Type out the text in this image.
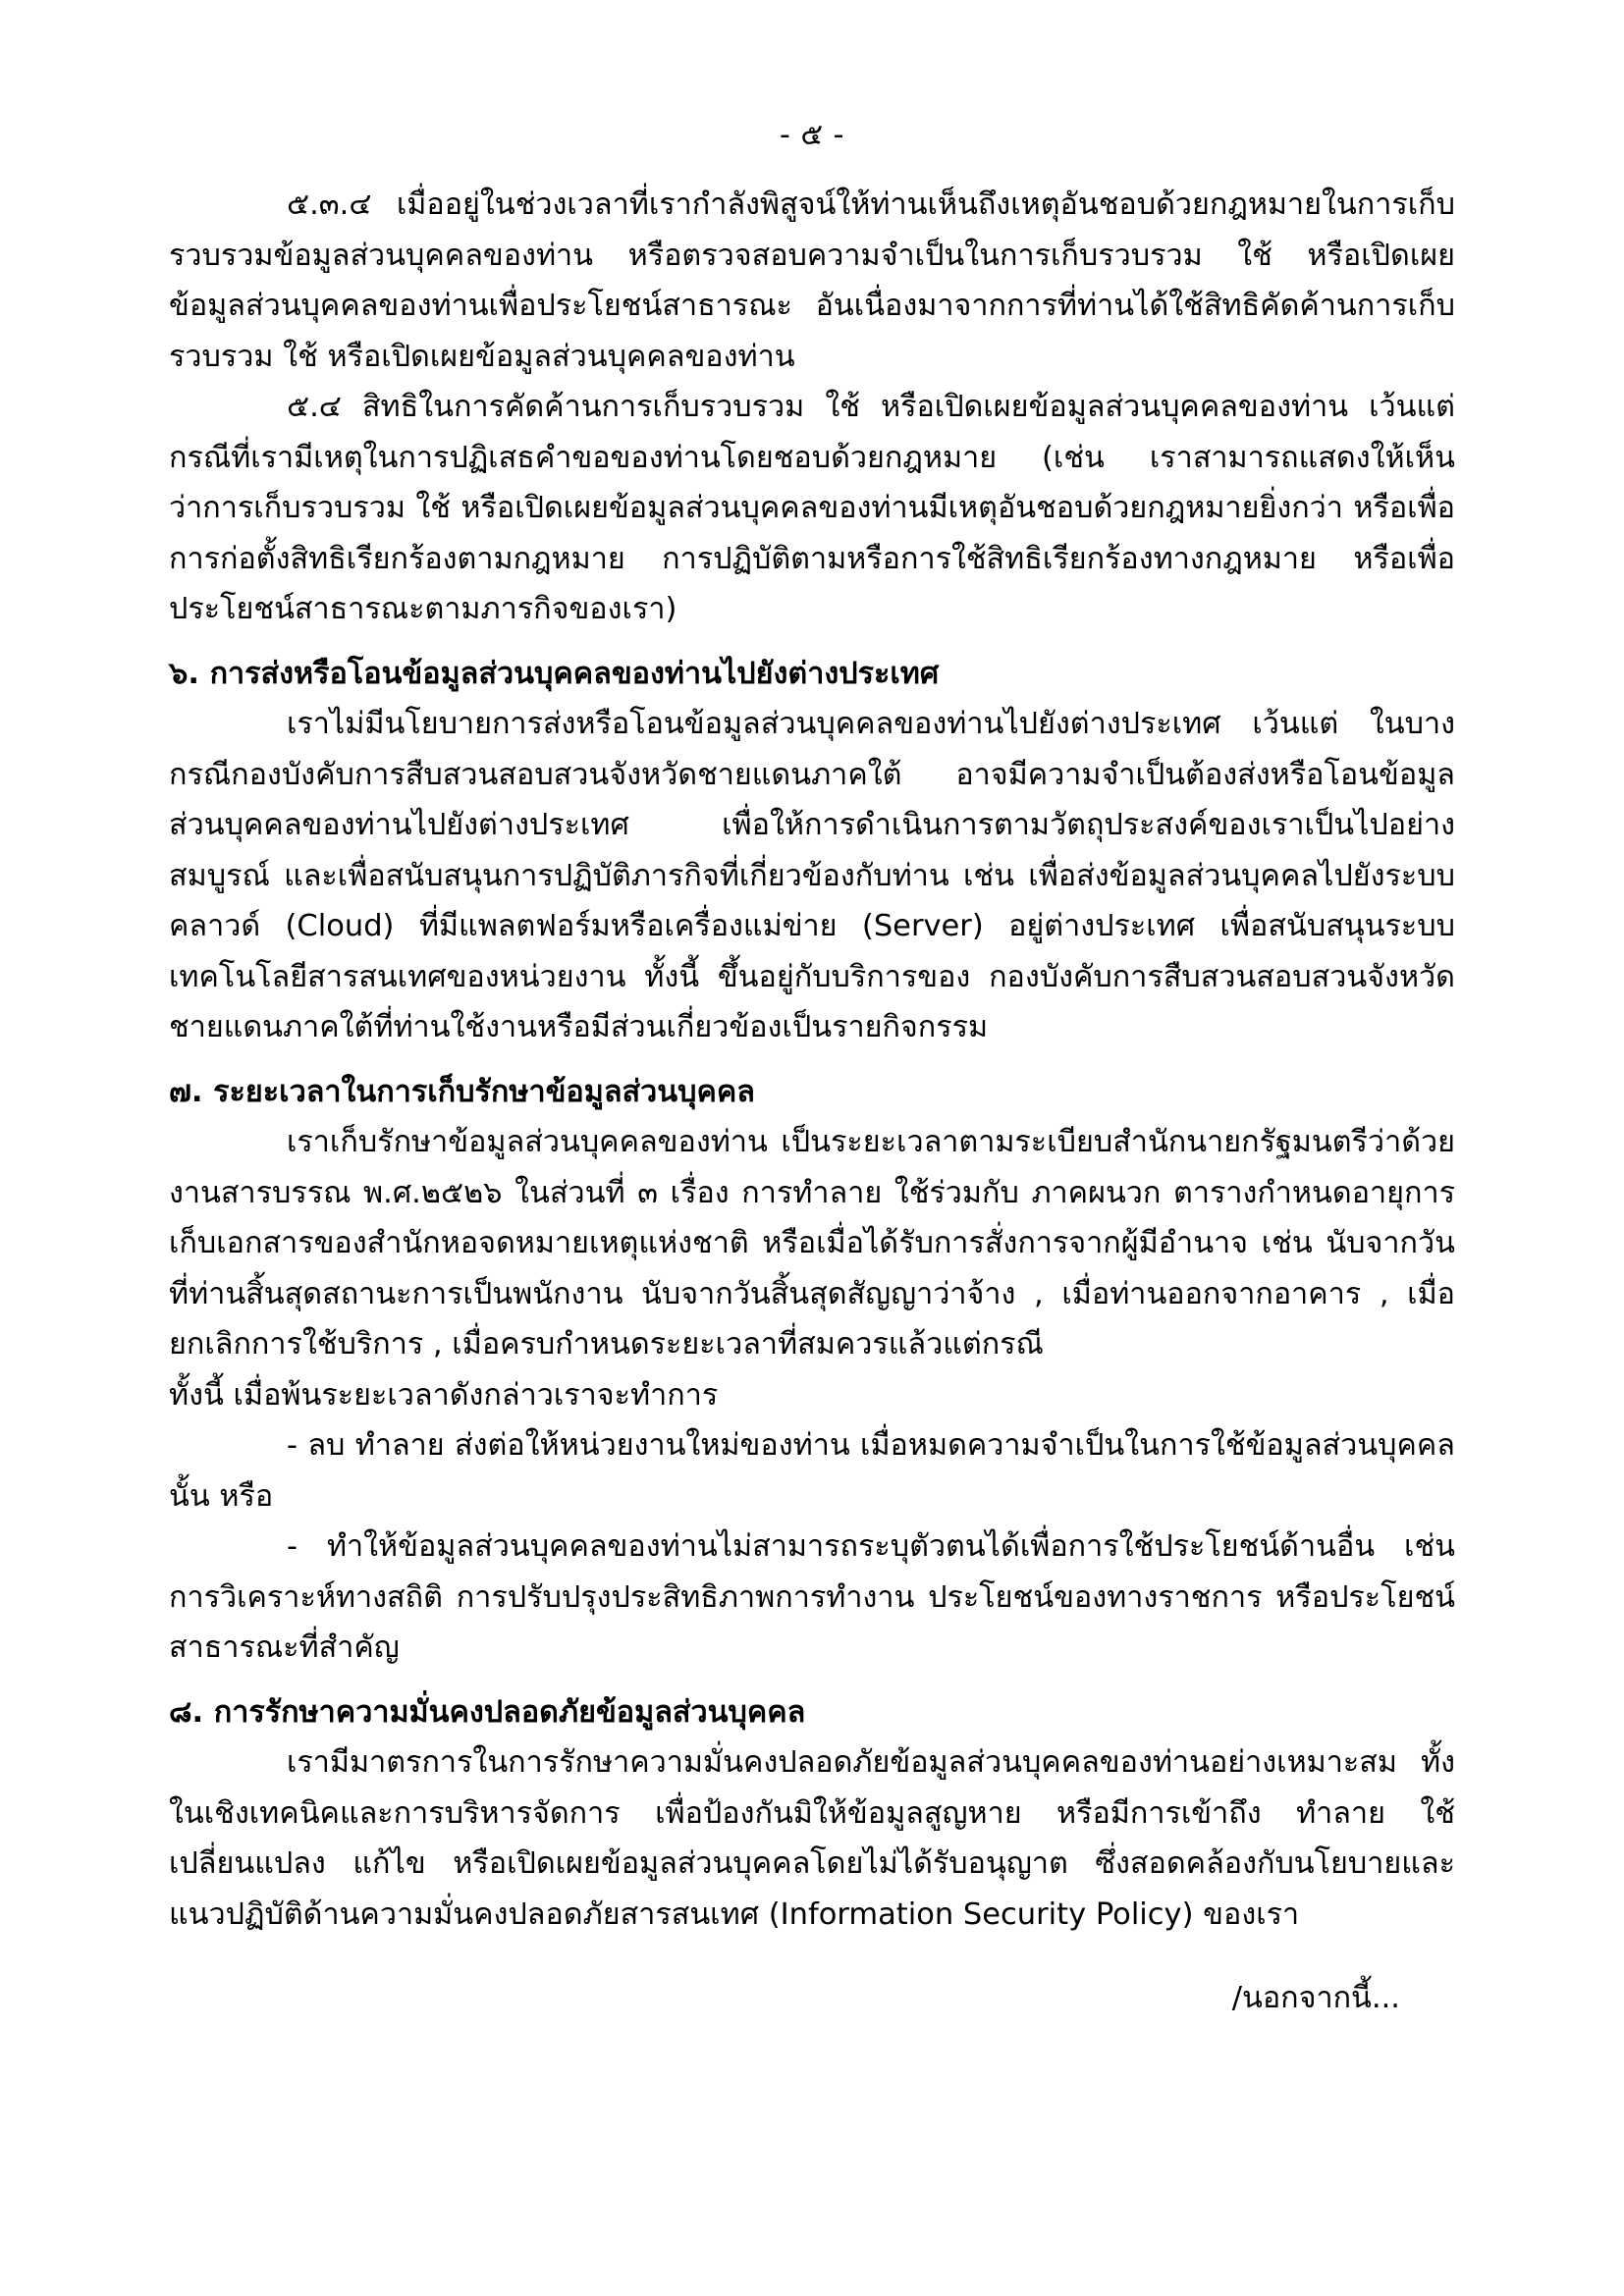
- ๕ -

๕.๓.๔ เมื่ออยู่ในช่วงเวลาที่เรากำลังพิสูจน์ให้ท่านเห็นถึงเหตุอันชอบด้วยกฎหมายในการเก็บรวบรวมข้อมูลส่วนบุคคลของท่าน หรือตรวจสอบความจำเป็นในการเก็บรวบรวม ใช้ หรือเปิดเผยข้อมูลส่วนบุคคลของท่านเพื่อประโยชน์สาธารณะ อันเนื่องมาจากการที่ท่านได้ใช้สิทธิคัดค้านการเก็บรวบรวม ใช้ หรือเปิดเผยข้อมูลส่วนบุคคลของท่าน

๕.๔ สิทธิในการคัดค้านการเก็บรวบรวม ใช้ หรือเปิดเผยข้อมูลส่วนบุคคลของท่าน เว้นแต่กรณีที่เรามีเหตุในการปฏิเสธคำขอของท่านโดยชอบด้วยกฎหมาย (เช่น เราสามารถแสดงให้เห็นว่าการเก็บรวบรวม ใช้ หรือเปิดเผยข้อมูลส่วนบุคคลของท่านมีเหตุอันชอบด้วยกฎหมายยิ่งกว่า หรือเพื่อการก่อตั้งสิทธิเรียกร้องตามกฎหมาย การปฏิบัติตามหรือการใช้สิทธิเรียกร้องทางกฎหมาย หรือเพื่อประโยชน์สาธารณะตามภารกิจของเรา)

๖. การส่งหรือโอนข้อมูลส่วนบุคคลของท่านไปยังต่างประเทศ

เราไม่มีนโยบายการส่งหรือโอนข้อมูลส่วนบุคคลของท่านไปยังต่างประเทศ เว้นแต่ ในบางกรณีกองบังคับการสืบสวนสอบสวนจังหวัดชายแดนภาคใต้ อาจมีความจำเป็นต้องส่งหรือโอนข้อมูลส่วนบุคคลของท่านไปยังต่างประเทศ เพื่อให้การดำเนินการตามวัตถุประสงค์ของเราเป็นไปอย่างสมบูรณ์ และเพื่อสนับสนุนการปฏิบัติภารกิจที่เกี่ยวข้องกับท่าน เช่น เพื่อส่งข้อมูลส่วนบุคคลไปยังระบบคลาวด์ (Cloud) ที่มีแพลตฟอร์มหรือเครื่องแม่ข่าย (Server) อยู่ต่างประเทศ เพื่อสนับสนุนระบบเทคโนโลยีสารสนเทศของหน่วยงาน ทั้งนี้ ขึ้นอยู่กับบริการของ กองบังคับการสืบสวนสอบสวนจังหวัดชายแดนภาคใต้ที่ท่านใช้งานหรือมีส่วนเกี่ยวข้องเป็นรายกิจกรรม

๗. ระยะเวลาในการเก็บรักษาข้อมูลส่วนบุคคล

เราเก็บรักษาข้อมูลส่วนบุคคลของท่าน เป็นระยะเวลาตามระเบียบสำนักนายกรัฐมนตรีว่าด้วยงานสารบรรณ พ.ศ.๒๕๒๖ ในส่วนที่ ๓ เรื่อง การทำลาย ใช้ร่วมกับ ภาคผนวก ตารางกำหนดอายุการเก็บเอกสารของสำนักหอจดหมายเหตุแห่งชาติ หรือเมื่อได้รับการสั่งการจากผู้มีอำนาจ เช่น นับจากวันที่ท่านสิ้นสุดสถานะการเป็นพนักงาน นับจากวันสิ้นสุดสัญญาว่าจ้าง , เมื่อท่านออกจากอาคาร , เมื่อยกเลิกการใช้บริการ , เมื่อครบกำหนดระยะเวลาที่สมควรแล้วแต่กรณี

ทั้งนี้ เมื่อพ้นระยะเวลาดังกล่าวเราจะทำการ

- ลบ ทำลาย ส่งต่อให้หน่วยงานใหม่ของท่าน เมื่อหมดความจำเป็นในการใช้ข้อมูลส่วนบุคคลนั้น หรือ

- ทำให้ข้อมูลส่วนบุคคลของท่านไม่สามารถระบุตัวตนได้เพื่อการใช้ประโยชน์ด้านอื่น เช่น การวิเคราะห์ทางสถิติ การปรับปรุงประสิทธิภาพการทำงาน ประโยชน์ของทางราชการ หรือประโยชน์สาธารณะที่สำคัญ

๘. การรักษาความมั่นคงปลอดภัยข้อมูลส่วนบุคคล

เรามีมาตรการในการรักษาความมั่นคงปลอดภัยข้อมูลส่วนบุคคลของท่านอย่างเหมาะสม ทั้งในเชิงเทคนิคและการบริหารจัดการ เพื่อป้องกันมิให้ข้อมูลสูญหาย หรือมีการเข้าถึง ทำลาย ใช้ เปลี่ยนแปลง แก้ไข หรือเปิดเผยข้อมูลส่วนบุคคลโดยไม่ได้รับอนุญาต ซึ่งสอดคล้องกับนโยบายและแนวปฏิบัติด้านความมั่นคงปลอดภัยสารสนเทศ (Information Security Policy) ของเรา

/นอกจากนี้...
